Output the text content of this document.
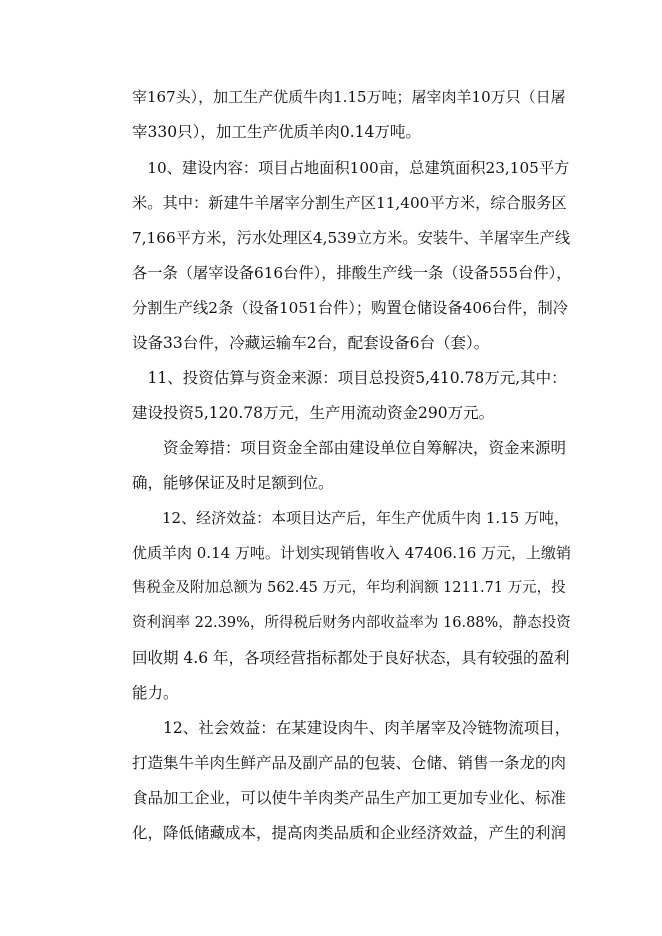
宰167头），加工生产优质牛肉1.15万吨；屠宰肉羊10万只（日屠
宰330只），加工生产优质羊肉0.14万吨。
　10、建设内容：项目占地面积100亩，总建筑面积23,105平方
米。其中：新建牛羊屠宰分割生产区11,400平方米，综合服务区
7,166平方米，污水处理区4,539立方米。安装牛、羊屠宰生产线
各一条（屠宰设备616台件），排酸生产线一条（设备555台件），
分割生产线2条（设备1051台件）；购置仓储设备406台件，制冷
设备33台件，冷藏运输车2台，配套设备6台（套）。
　11、投资估算与资金来源：项目总投资5,410.78万元,其中：
建设投资5,120.78万元，生产用流动资金290万元。
　　资金筹措：项目资金全部由建设单位自筹解决，资金来源明
确，能够保证及时足额到位。
　　12、经济效益：本项目达产后，年生产优质牛肉 1.15 万吨，
优质羊肉 0.14 万吨。计划实现销售收入 47406.16 万元，上缴销
售税金及附加总额为 562.45 万元，年均利润额 1211.71 万元，投
资利润率 22.39%，所得税后财务内部收益率为 16.88%，静态投资
回收期 4.6 年，各项经营指标都处于良好状态，具有较强的盈利
能力。
　　12、社会效益：在某建设肉牛、肉羊屠宰及冷链物流项目，
打造集牛羊肉生鲜产品及副产品的包装、仓储、销售一条龙的肉
食品加工企业，可以使牛羊肉类产品生产加工更加专业化、标准
化，降低储藏成本，提高肉类品质和企业经济效益，产生的利润
